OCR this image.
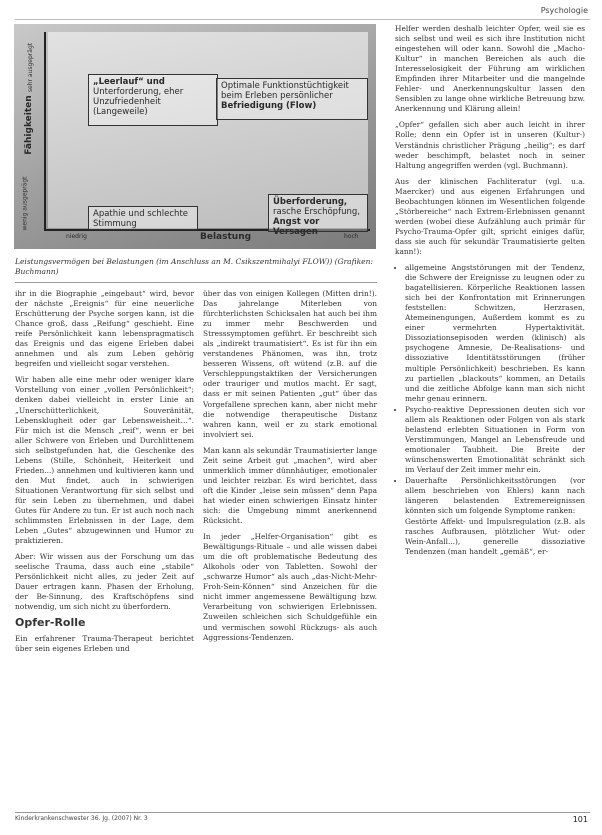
Psychologie
Fähigkeiten
sehr ausgeprägt
wenig ausgeprägt
niedrig	Belastung	hoch
„Leerlauf“ und
Unterforderung, eher Unzufriedenheit (Langeweile)
Optimale Funktionstüchtigkeit beim Erleben persönlicher Befriedigung (Flow)
Apathie und schlechte Stimmung
Überforderung,
rasche Erschöpfung,
Angst vor Versagen
Leistungsvermögen bei Belastungen (im Anschluss an M. Csikszentmihalyi FLOW)) (Grafiken: Buchmann)

ihr in die Biographie „eingebaut“ wird, bevor der nächste „Ereignis“ für eine neuerliche Erschütterung der Psyche sorgen kann, ist die Chance groß, dass „Reifung“ geschieht. Eine reife Persönlichkeit kann lebenspragmatisch das Ereignis und das eigene Erleben dabei annehmen und als zum Leben gehörig begreifen und vielleicht sogar verstehen.

Wir haben alle eine mehr oder weniger klare Vorstellung von einer „vollen Persönlichkeit“; denken dabei vielleicht in erster Linie an „Unerschütterlichkeit, Souveränität, Lebensklugheit oder gar Lebensweisheit…“. Für mich ist die Mensch „reif“, wenn er bei aller Schwere von Erleben und Durchlittenem sich selbstgefunden hat, die Geschenke des Lebens (Stille, Schönheit, Heiterkeit und Frieden...) annehmen und kultivieren kann und den Mut findet, auch in schwierigen Situationen Verantwortung für sich selbst und für sein Leben zu übernehmen, und dabei Gutes für Andere zu tun. Er ist auch noch nach schlimmsten Erlebnissen in der Lage, dem Leben „Gutes“ abzugewinnen und Humor zu praktizieren.

Aber: Wir wissen aus der Forschung um das seelische Trauma, dass auch eine „stabile“ Persönlichkeit nicht alles, zu jeder Zeit auf Dauer ertragen kann. Phasen der Erholung, der Be-Sinnung, des Kraftschöpfens sind notwendig, um sich nicht zu überfordern.

Opfer-Rolle

Ein erfahrener Trauma-Therapeut berichtet über sein eigenes Erleben und

über das von einigen Kollegen (Mitten drin!). Das jahrelange Miterleben von fürchterlichsten Schicksalen hat auch bei ihm zu immer mehr Beschwerden und Stresssymptomen geführt. Er beschreibt sich als „indirekt traumatisiert“. Es ist für ihn ein verstandenes Phänomen, was ihn, trotz besseren Wissens, oft wütend (z.B. auf die Verschleppungstaktiken der Versicherungen oder trauriger und mutlos macht. Er sagt, dass er mit seinen Patienten „gut“ über das Vorgefallene sprechen kann, aber nicht mehr die notwendige therapeutische Distanz wahren kann, weil er zu stark emotional involviert sei.

Man kann als sekundär Traumatisierter lange Zeit seine Arbeit gut „machen“, wird aber unmerklich immer dünnhäutiger, emotionaler und leichter reizbar. Es wird berichtet, dass oft die Kinder „leise sein müssen“ denn Papa hat wieder einen schwierigen Einsatz hinter sich: die Umgebung nimmt anerkennend Rücksicht.

In jeder „Helfer-Organisation“ gibt es Bewältigungs-Rituale – und alle wissen dabei um die oft problematische Bedeutung des Alkohols oder von Tabletten. Sowohl der „schwarze Humor“ als auch „das-Nicht-Mehr-Froh-Sein-Können“ sind Anzeichen für die nicht immer angemessene Bewältigung bzw. Verarbeitung von schwierigen Erlebnissen. Zuweilen schleichen sich Schuldgefühle ein und vermischen sowohl Rückzugs- als auch Aggressions-Tendenzen.

Helfer werden deshalb leichter Opfer, weil sie es sich selbst und weil es sich ihre Institution nicht eingestehen will oder kann. Sowohl die „Macho-Kultur“ in manchen Bereichen als auch die Interesselosigkeit der Führung am wirklichen Empfinden ihrer Mitarbeiter und die mangelnde Fehler- und Anerkennungskultur lassen den Sensiblen zu lange ohne wirkliche Betreuung bzw. Anerkennung und Klärung allein!

„Opfer“ gefallen sich aber auch leicht in ihrer Rolle; denn ein Opfer ist in unseren (Kultur-) Verständnis christlicher Prägung „heilig“; es darf weder beschimpft, belastet noch in seiner Haltung angegriffen werden (vgl. Buchmann).

Aus der klinischen Fachliteratur (vgl. u.a. Maercker) und aus eigenen Erfahrungen und Beobachtungen können im Wesentlichen folgende „Störbereiche“ nach Extrem-Erlebnissen genannt werden (wobei diese Aufzählung auch primär für Psycho-Trauma-Opfer gilt, spricht einiges dafür, dass sie auch für sekundär Traumatisierte gelten kann!):

• allgemeine Angststörungen mit der Tendenz, die Schwere der Ereignisse zu leugnen oder zu bagatellisieren. Körperliche Reaktionen lassen sich bei der Konfrontation mit Erinnerungen feststellen: Schwitzen, Herzrasen, Atemeinengungen, Außerdem kommt es zu einer vermehrten Hypertaktivität. Dissoziationsepisoden werden (klinisch) als psychogene Amnesie, De-Realisations- und dissoziative Identitätsstörungen (früher multiple Persönlichkeit) beschrieben. Es kann zu partiellen „blackouts“ kommen, an Details und die zeitliche Abfolge kann man sich nicht mehr genau erinnern.
• Psycho-reaktive Depressionen deuten sich vor allem als Reaktionen oder Folgen von als stark belastend erlebten Situationen in Form von Verstimmungen, Mangel an Lebensfreude und emotionaler Taubheit. Die Breite der wünschenswerten Emotionalität schränkt sich im Verlauf der Zeit immer mehr ein.
• Dauerhafte Persönlichkeitsstörungen (vor allem beschrieben von Ehlers) kann nach längeren belastenden Extremereignissen könnten sich um folgende Symptome ranken:

Gestörte Affekt- und Impulsregulation (z.B. als rasches Aufbrausen, plötzlicher Wut- oder Wein-Anfall...), generelle dissoziative Tendenzen (man handelt „gemäß“, er-

Kinderkrankenschwester 36. Jg. (2007) Nr. 3	101
